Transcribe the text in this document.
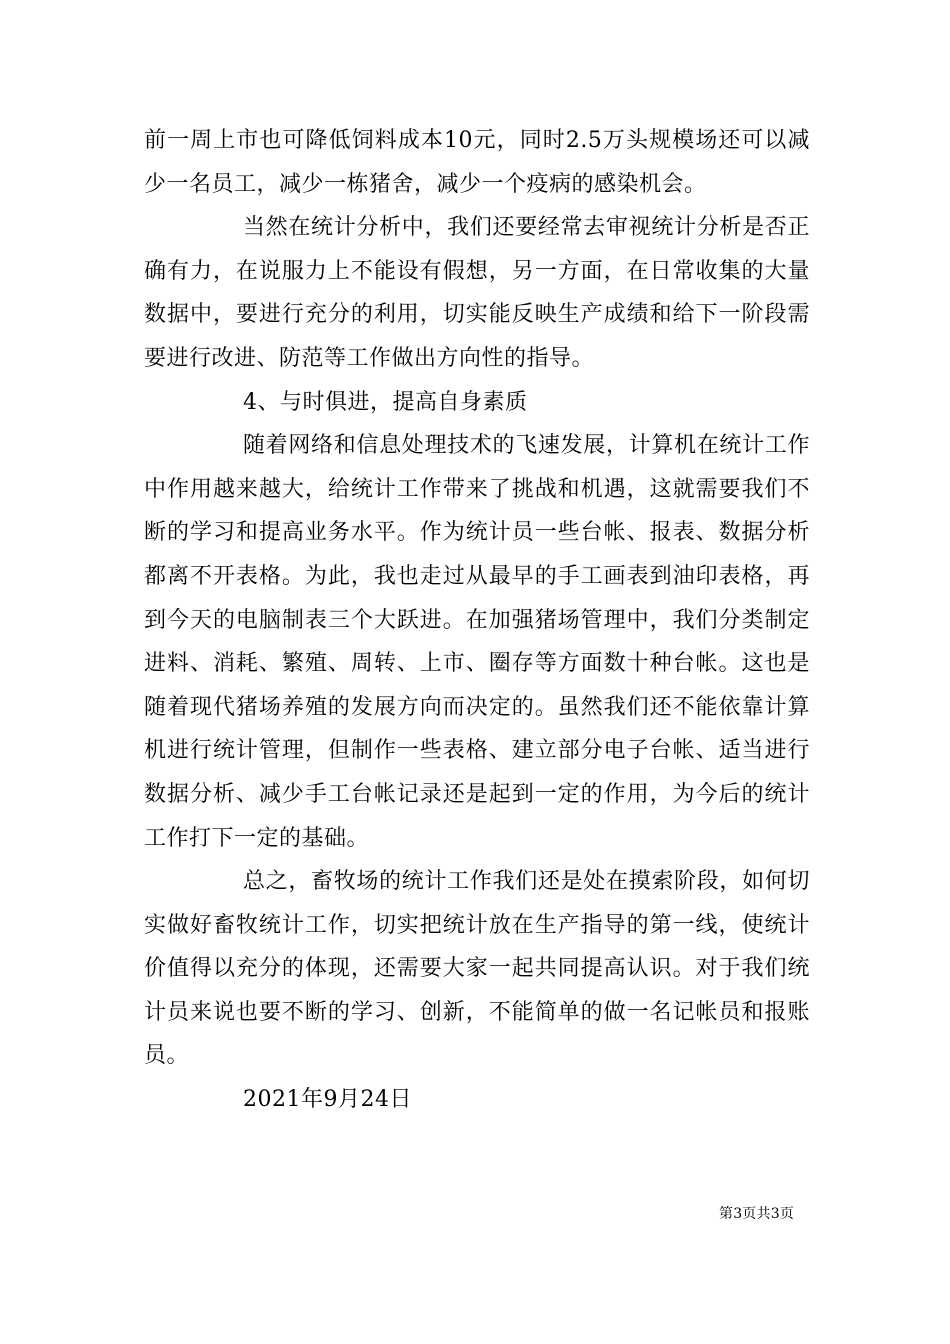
前一周上市也可降低饲料成本10元，同时2.5万头规模场还可以减少一名员工，减少一栋猪舍，减少一个疫病的感染机会。

当然在统计分析中，我们还要经常去审视统计分析是否正确有力，在说服力上不能设有假想，另一方面，在日常收集的大量数据中，要进行充分的利用，切实能反映生产成绩和给下一阶段需要进行改进、防范等工作做出方向性的指导。

4、与时俱进，提高自身素质

随着网络和信息处理技术的飞速发展，计算机在统计工作中作用越来越大，给统计工作带来了挑战和机遇，这就需要我们不断的学习和提高业务水平。作为统计员一些台帐、报表、数据分析都离不开表格。为此，我也走过从最早的手工画表到油印表格，再到今天的电脑制表三个大跃进。在加强猪场管理中，我们分类制定进料、消耗、繁殖、周转、上市、圈存等方面数十种台帐。这也是随着现代猪场养殖的发展方向而决定的。虽然我们还不能依靠计算机进行统计管理，但制作一些表格、建立部分电子台帐、适当进行数据分析、减少手工台帐记录还是起到一定的作用，为今后的统计工作打下一定的基础。

总之，畜牧场的统计工作我们还是处在摸索阶段，如何切实做好畜牧统计工作，切实把统计放在生产指导的第一线，使统计价值得以充分的体现，还需要大家一起共同提高认识。对于我们统计员来说也要不断的学习、创新，不能简单的做一名记帐员和报账员。

2021年9月24日

第3页共3页
